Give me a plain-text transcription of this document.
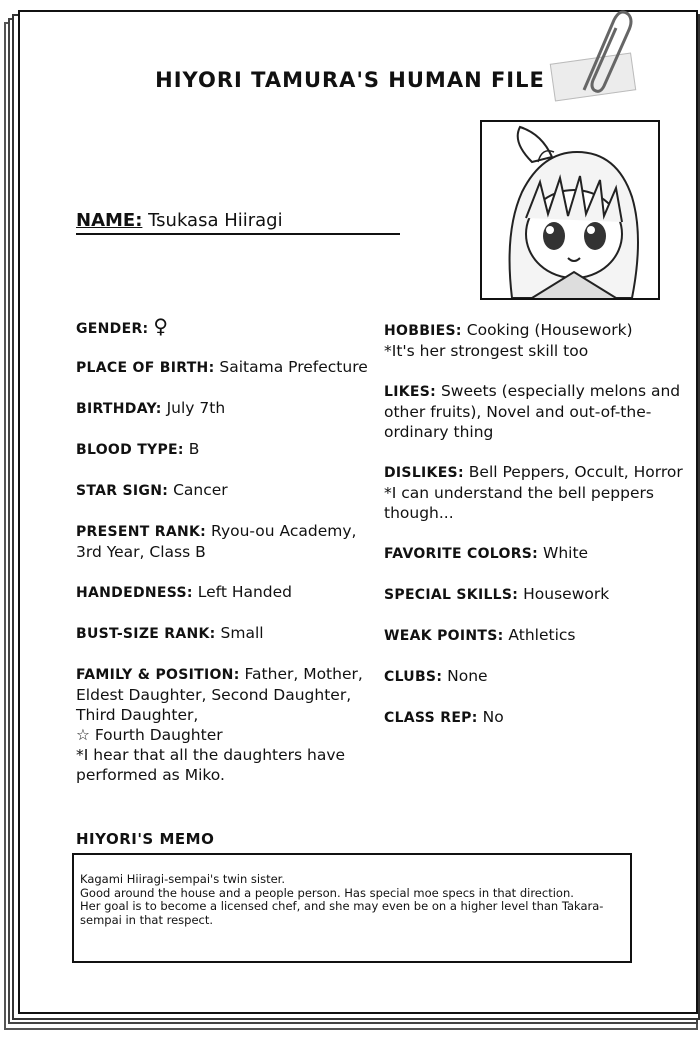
HIYORI TAMURA'S HUMAN FILE
NAME: Tsukasa Hiiragi

GENDER: ♀

PLACE OF BIRTH: Saitama Prefecture

BIRTHDAY: July 7th

BLOOD TYPE: B

STAR SIGN: Cancer

PRESENT RANK: Ryou-ou Academy, 3rd Year, Class B

HANDEDNESS: Left Handed

BUST-SIZE RANK: Small

FAMILY & POSITION: Father, Mother, Eldest Daughter, Second Daughter, Third Daughter,
☆ Fourth Daughter
*I hear that all the daughters have performed as Miko.

HOBBIES: Cooking (Housework)
*It's her strongest skill too

LIKES: Sweets (especially melons and other fruits), Novel and out-of-the-ordinary thing

DISLIKES: Bell Peppers, Occult, Horror
*I can understand the bell peppers though...

FAVORITE COLORS: White

SPECIAL SKILLS: Housework

WEAK POINTS: Athletics

CLUBS: None

CLASS REP: No

HIYORI'S MEMO

Kagami Hiiragi-sempai's twin sister.

Good around the house and a people person. Has special moe specs in that direction.

Her goal is to become a licensed chef, and she may even be on a higher level than Takara-sempai in that respect.
